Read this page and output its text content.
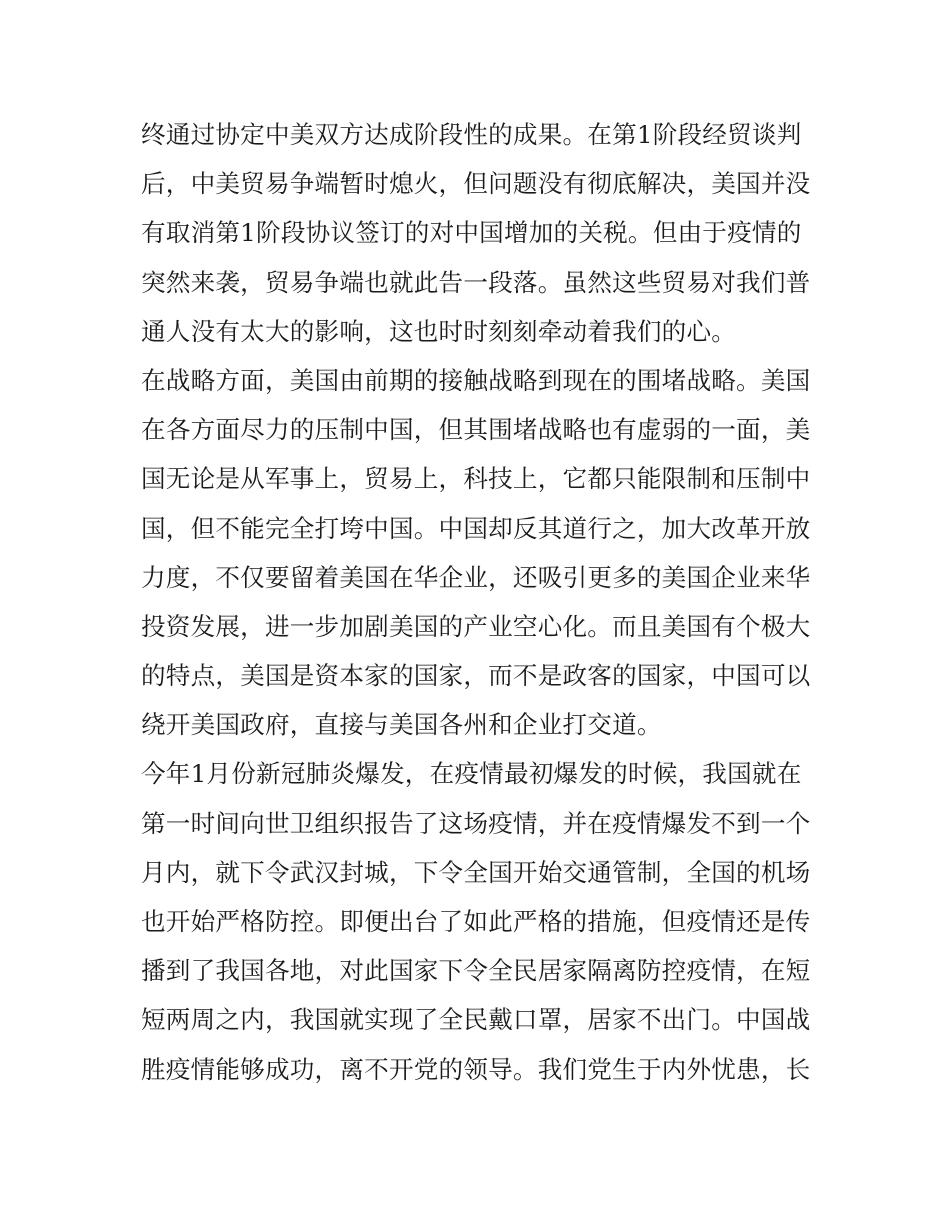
终通过协定中美双方达成阶段性的成果。在第1阶段经贸谈判
后，中美贸易争端暂时熄火，但问题没有彻底解决，美国并没
有取消第1阶段协议签订的对中国增加的关税。但由于疫情的
突然来袭，贸易争端也就此告一段落。虽然这些贸易对我们普
通人没有太大的影响，这也时时刻刻牵动着我们的心。
在战略方面，美国由前期的接触战略到现在的围堵战略。美国
在各方面尽力的压制中国，但其围堵战略也有虚弱的一面，美
国无论是从军事上，贸易上，科技上，它都只能限制和压制中
国，但不能完全打垮中国。中国却反其道行之，加大改革开放
力度，不仅要留着美国在华企业，还吸引更多的美国企业来华
投资发展，进一步加剧美国的产业空心化。而且美国有个极大
的特点，美国是资本家的国家，而不是政客的国家，中国可以
绕开美国政府，直接与美国各州和企业打交道。
今年1月份新冠肺炎爆发，在疫情最初爆发的时候，我国就在
第一时间向世卫组织报告了这场疫情，并在疫情爆发不到一个
月内，就下令武汉封城，下令全国开始交通管制，全国的机场
也开始严格防控。即便出台了如此严格的措施，但疫情还是传
播到了我国各地，对此国家下令全民居家隔离防控疫情，在短
短两周之内，我国就实现了全民戴口罩，居家不出门。中国战
胜疫情能够成功，离不开党的领导。我们党生于内外忧患，长
